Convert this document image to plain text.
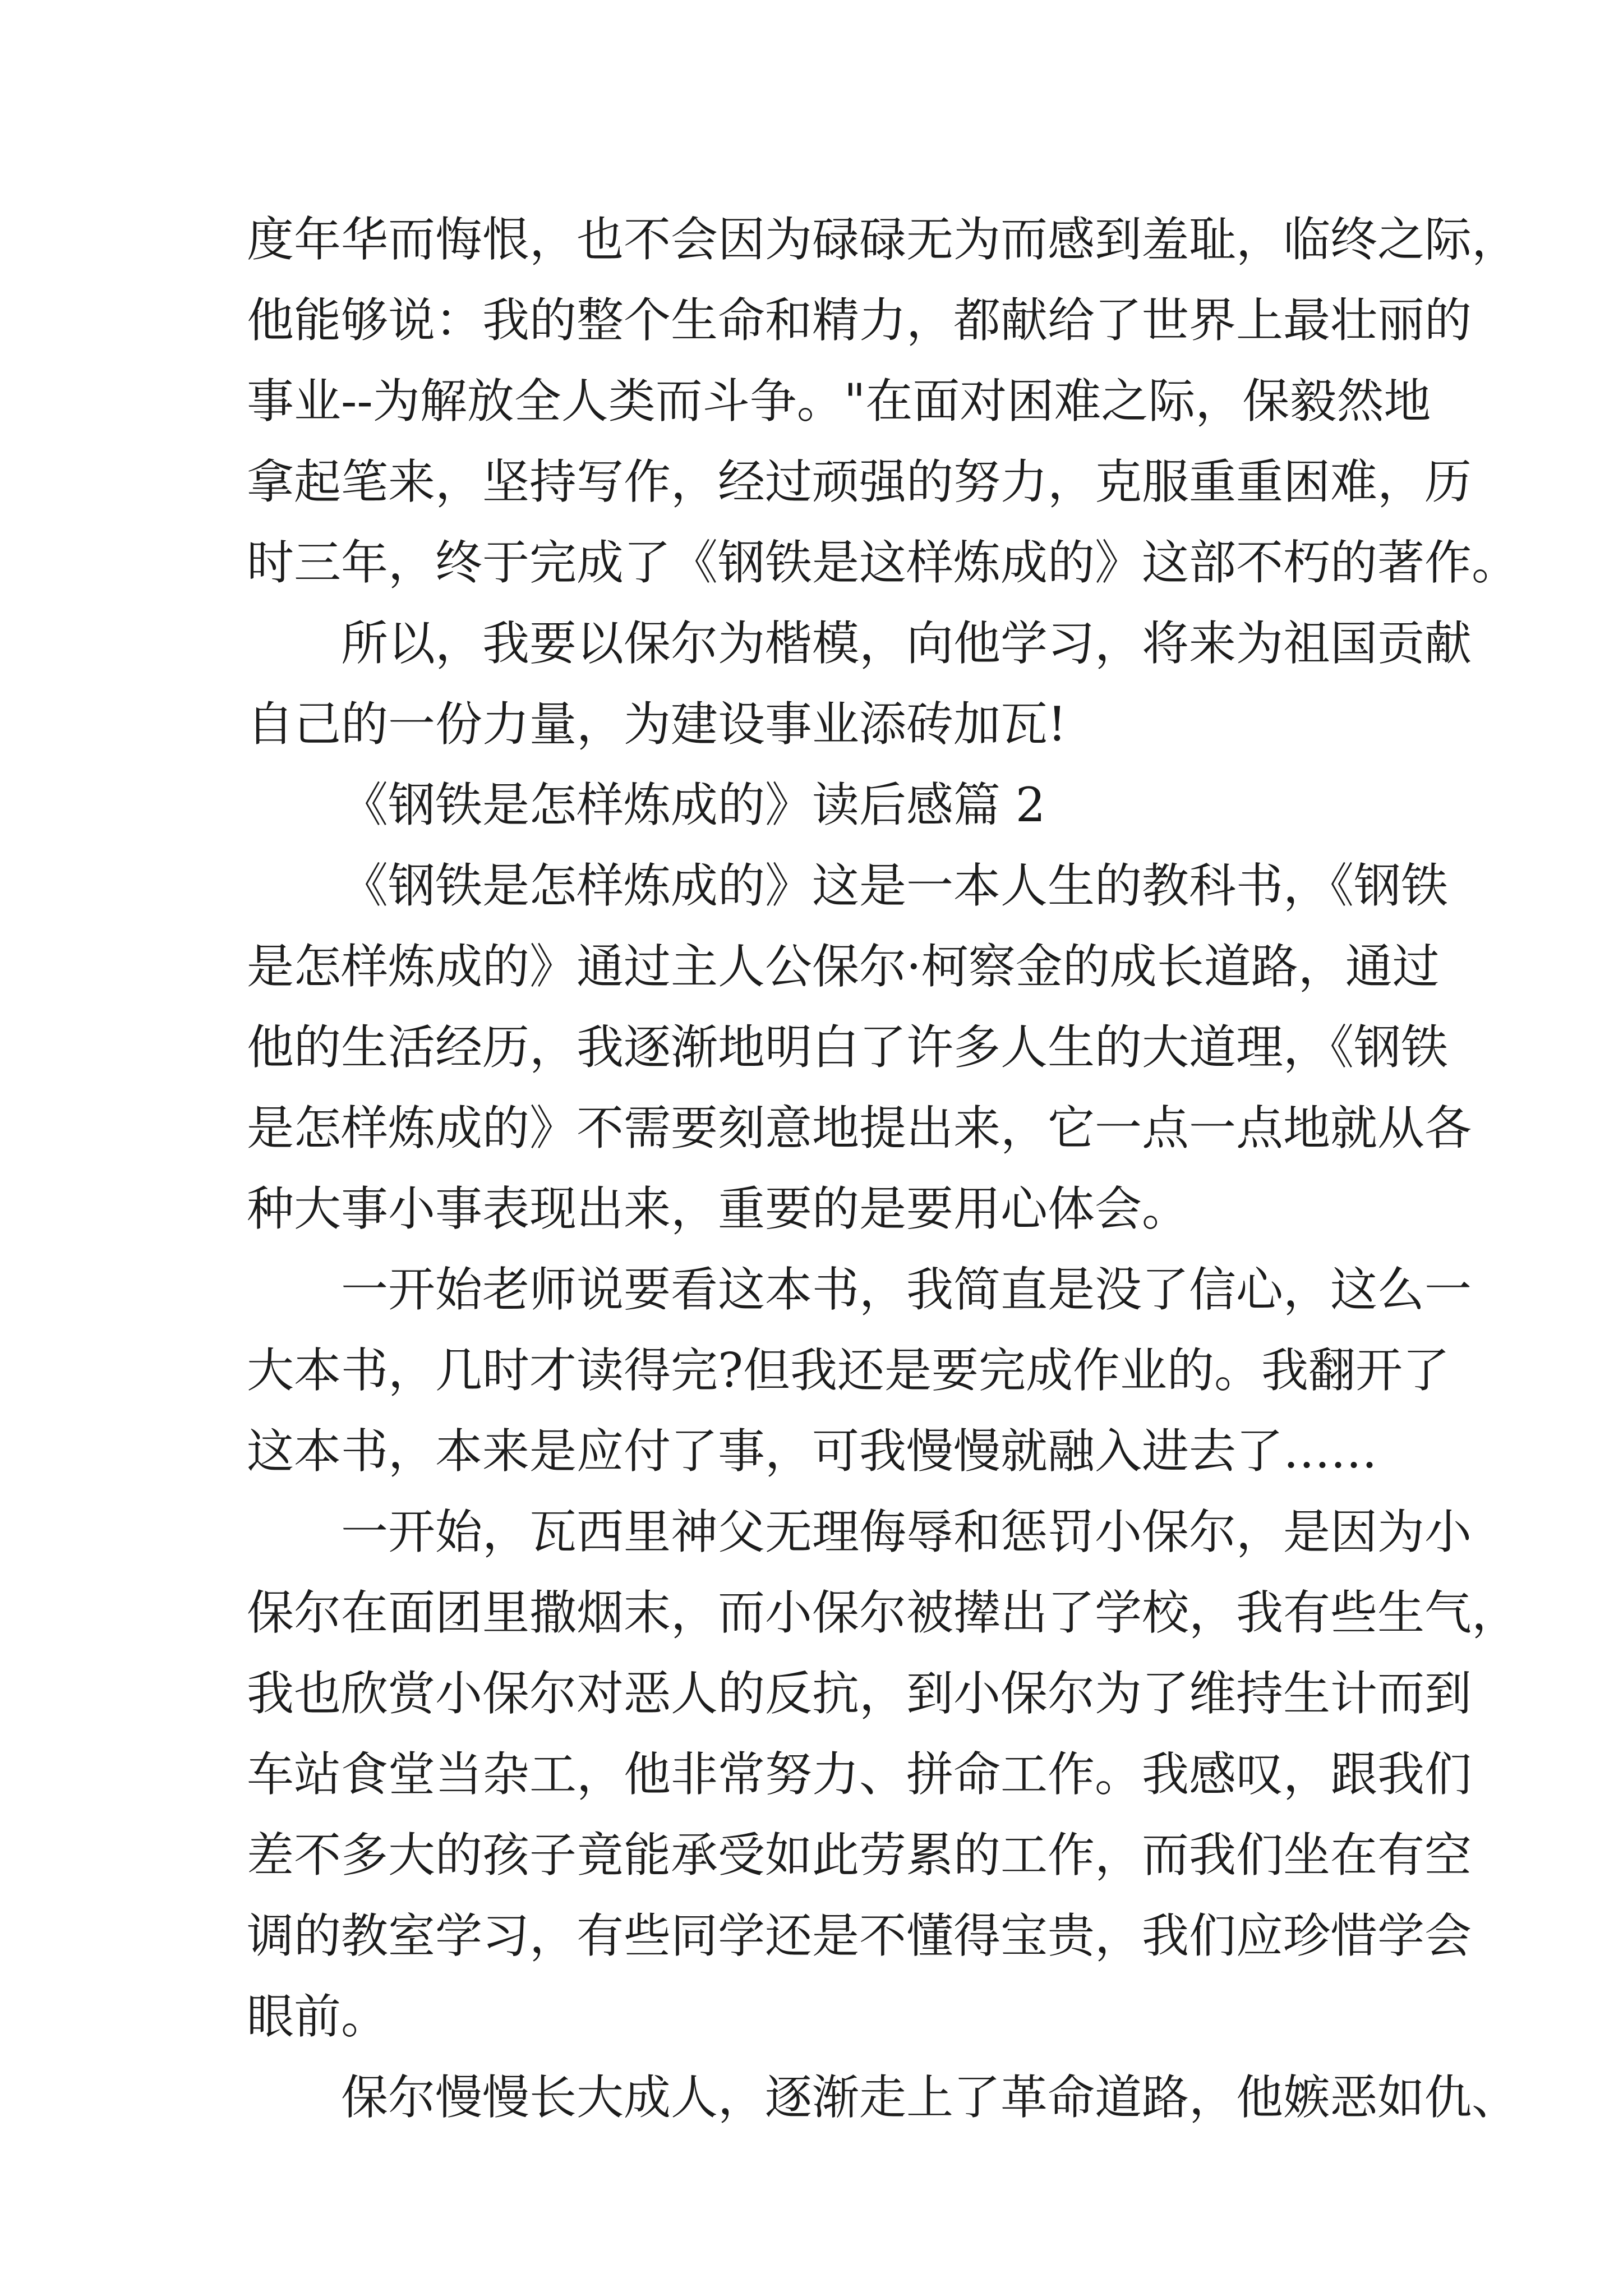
度年华而悔恨，也不会因为碌碌无为而感到羞耻，临终之际，
他能够说：我的整个生命和精力，都献给了世界上最壮丽的
事业--为解放全人类而斗争。"在面对困难之际，保毅然地
拿起笔来，坚持写作，经过顽强的努力，克服重重困难，历
时三年，终于完成了《钢铁是这样炼成的》这部不朽的著作。
所以，我要以保尔为楷模，向他学习，将来为祖国贡献
自己的一份力量，为建设事业添砖加瓦!
《钢铁是怎样炼成的》读后感篇 2
《钢铁是怎样炼成的》这是一本人生的教科书，《钢铁
是怎样炼成的》通过主人公保尔·柯察金的成长道路，通过
他的生活经历，我逐渐地明白了许多人生的大道理，《钢铁
是怎样炼成的》不需要刻意地提出来，它一点一点地就从各
种大事小事表现出来，重要的是要用心体会。
一开始老师说要看这本书，我简直是没了信心，这么一
大本书，几时才读得完?但我还是要完成作业的。我翻开了
这本书，本来是应付了事，可我慢慢就融入进去了……
一开始，瓦西里神父无理侮辱和惩罚小保尔，是因为小
保尔在面团里撒烟末，而小保尔被撵出了学校，我有些生气，
我也欣赏小保尔对恶人的反抗，到小保尔为了维持生计而到
车站食堂当杂工，他非常努力、拼命工作。我感叹，跟我们
差不多大的孩子竟能承受如此劳累的工作，而我们坐在有空
调的教室学习，有些同学还是不懂得宝贵，我们应珍惜学会
眼前。
保尔慢慢长大成人，逐渐走上了革命道路，他嫉恶如仇、
